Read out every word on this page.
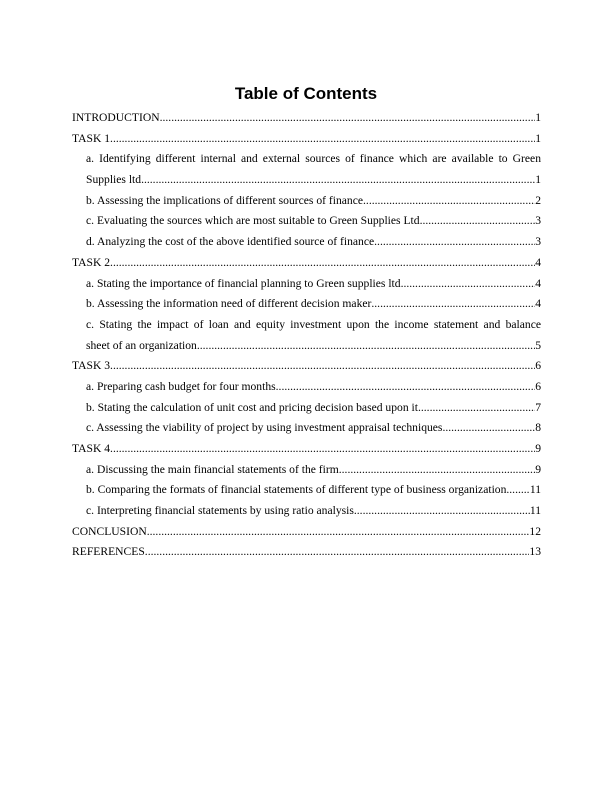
Table of Contents
INTRODUCTION .....	1
TASK 1 .....	1
a. Identifying different internal and external sources of finance which are available to Green
Supplies ltd. .....	1
b. Assessing the implications of different sources of finance .....	2
c. Evaluating the sources which are most suitable to Green Supplies Ltd .....	3
d. Analyzing the cost of the above identified source of finance .....	3
TASK 2 .....	4
a. Stating the importance of financial planning to Green supplies ltd .....	4
b. Assessing the information need of different decision maker .....	4
c. Stating the impact of loan and equity investment upon the income statement and balance
sheet of an organization .....	5
TASK 3 .....	6
a. Preparing cash budget for four months .....	6
b. Stating the calculation of unit cost and pricing decision based upon it .....	7
c. Assessing the viability of project by using investment appraisal techniques .....	8
TASK 4 .....	9
a. Discussing the main financial statements of the firm .....	9
b. Comparing the formats of financial statements of different type of business organization. ..... 11
c. Interpreting financial statements by using ratio analysis .....	11
CONCLUSION .....	12
REFERENCES .....	13
